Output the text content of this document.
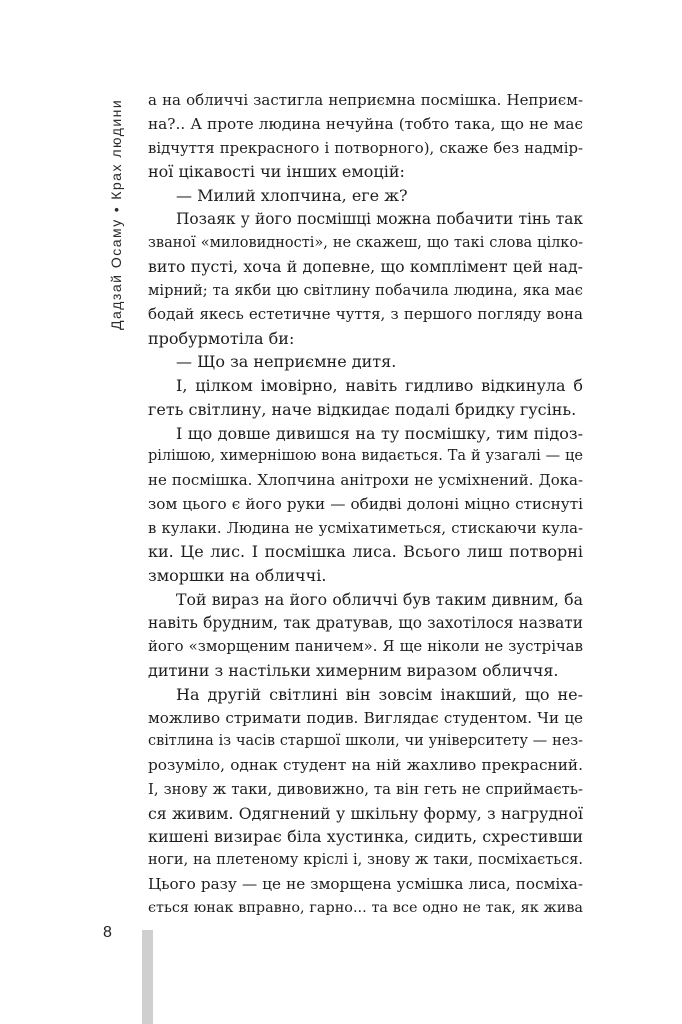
Дадзай Осаму•Крах людини а на обличчі застигла неприємна посмішка. Неприєм-
на?.. А проте людина нечуйна (тобто така, що не має
відчуття прекрасного і потворного), скаже без надмір-
ної цікавості чи інших емоцій:
— Милий хлопчина, еге ж?
Позаяк у його посмішці можна побачити тінь так
званої «миловидності», не скажеш, що такі слова цілко-
вито пусті, хоча й допевне, що комплімент цей над-
мірний; та якби цю світлину побачила людина, яка має
бодай якесь естетичне чуття, з першого погляду вона
пробурмотіла би:
— Що за неприємне дитя.
І, цілком імовірно, навіть гидливо відкинула б
геть світлину, наче відкидає подалі бридку гусінь.
І що довше дивишся на ту посмішку, тим підоз-
рілішою, химернішою вона видається. Та й узагалі — це
не посмішка. Хлопчина анітрохи не усміхнений. Дока-
зом цього є його руки — обидві долоні міцно стиснуті
в кулаки. Людина не усміхатиметься, стискаючи кула-
ки. Це лис. І посмішка лиса. Всього лиш потворні
зморшки на обличчі.
Той вираз на його обличчі був таким дивним, ба
навіть брудним, так дратував, що захотілося назвати
його «зморщеним паничем». Я ще ніколи не зустрічав
дитини з настільки химерним виразом обличчя.
На другій світлині він зовсім інакший, що не-
можливо стримати подив. Виглядає студентом. Чи це
світлина із часів старшої школи, чи університету — нез-
розуміло, однак студент на ній жахливо прекрасний.
І, знову ж таки, дивовижно, та він геть не сприймаєть-
ся живим. Одягнений у шкільну форму, з нагрудної
кишені визирає біла хустинка, сидить, схрестивши
ноги, на плетеному кріслі і, знову ж таки, посміхається.
Цього разу — це не зморщена усмішка лиса, посміха-
ється юнак вправно, гарно... та все одно не так, як жива
8
